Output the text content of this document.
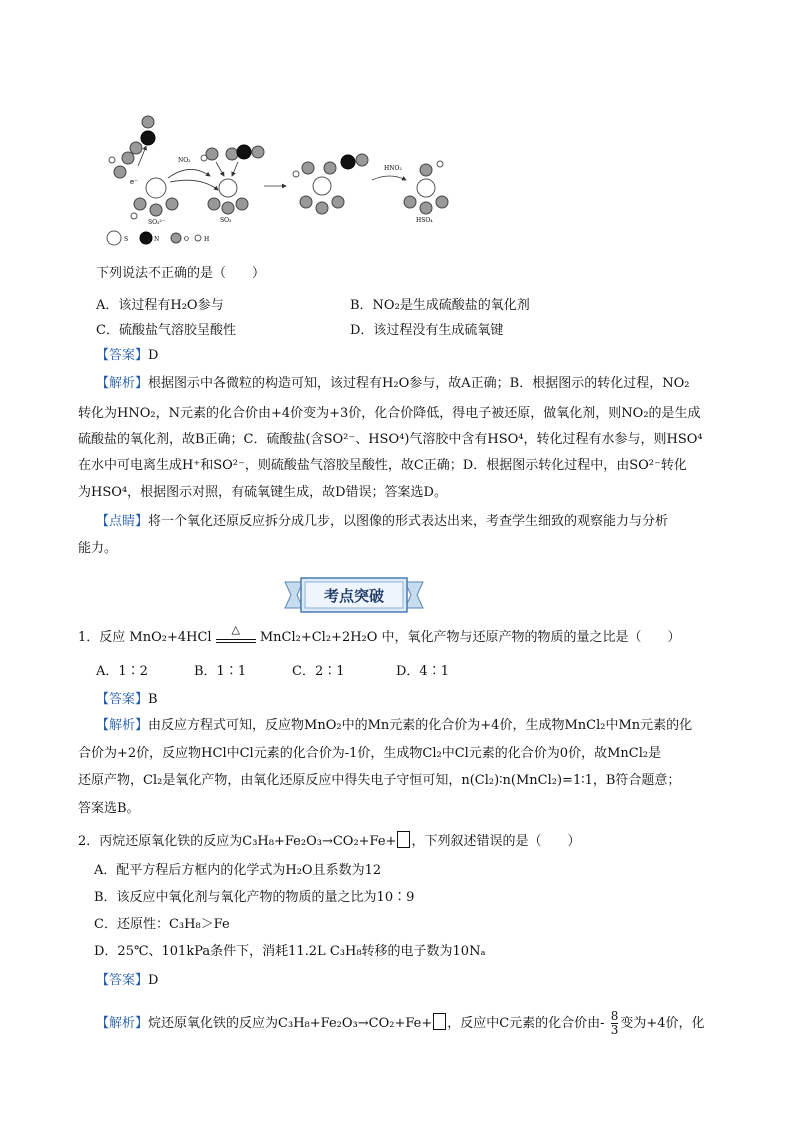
e⁻
SO₃²⁻
NO₂
SO₃
HNO₂
HSO₄
S	N	O	H
下列说法不正确的是（　　）
A．该过程有H₂O参与	B．NO₂是生成硫酸盐的氧化剂
C．硫酸盐气溶胶呈酸性	D．该过程没有生成硫氧键
【 答案 】 D
【 解析 】 根据图示中各微粒的构造可知，该过程有H₂O参与，故A正确；B．根据图示的转化过程，NO₂
转化为HNO₂，N元素的化合价由+4价变为+3价，化合价降低，得电子被还原，做氧化剂，则NO₂的是生成
硫酸盐的氧化剂，故B正确；C．硫酸盐(含SO²⁻、HSO⁴)气溶胶中含有HSO⁴，转化过程有水参与，则HSO⁴
在水中可电离生成H⁺和SO²⁻，则硫酸盐气溶胶呈酸性，故C正确；D．根据图示转化过程中，由SO²⁻转化
为HSO⁴，根据图示对照，有硫氧键生成，故D错误；答案选D。
【 点睛 】 将一个氧化还原反应拆分成几步，以图像的形式表达出来，考查学生细致的观察能力与分析
能力。
考点突破
1．反应 MnO₂+4HCl
△
MnCl₂+Cl₂+2H₂O 中，氧化产物与还原产物的物质的量之比是（　　）
A．1∶2	B．1∶1	C．2∶1	D．4∶1
【 答案 】 B
【 解析 】 由反应方程式可知，反应物MnO₂中的Mn元素的化合价为+4价，生成物MnCl₂中Mn元素的化
合价为+2价，反应物HCl中Cl元素的化合价为-1价，生成物Cl₂中Cl元素的化合价为0价，故MnCl₂是
还原产物，Cl₂是氧化产物，由氧化还原反应中得失电子守恒可知，n(Cl₂)∶n(MnCl₂)=1∶1，B符合题意；
答案选B。
2．丙烷还原氧化铁的反应为C₃H₈+Fe₂O₃→CO₂+Fe+ ，下列叙述错误的是（　　）
A．配平方程后方框内的化学式为H₂O且系数为12
B．该反应中氧化剂与氧化产物的物质的量之比为10∶9
C．还原性：C₃H₈＞Fe
D．25℃、101kPa条件下，消耗11.2L C₃H₈转移的电子数为10Nₐ
【 答案 】 D
【 解析 】 烷还原氧化铁的反应为C₃H₈+Fe₂O₃→CO₂+Fe+ ，反应中C元素的化合价由- $\frac{8}{3}$ 变为+4价，化
